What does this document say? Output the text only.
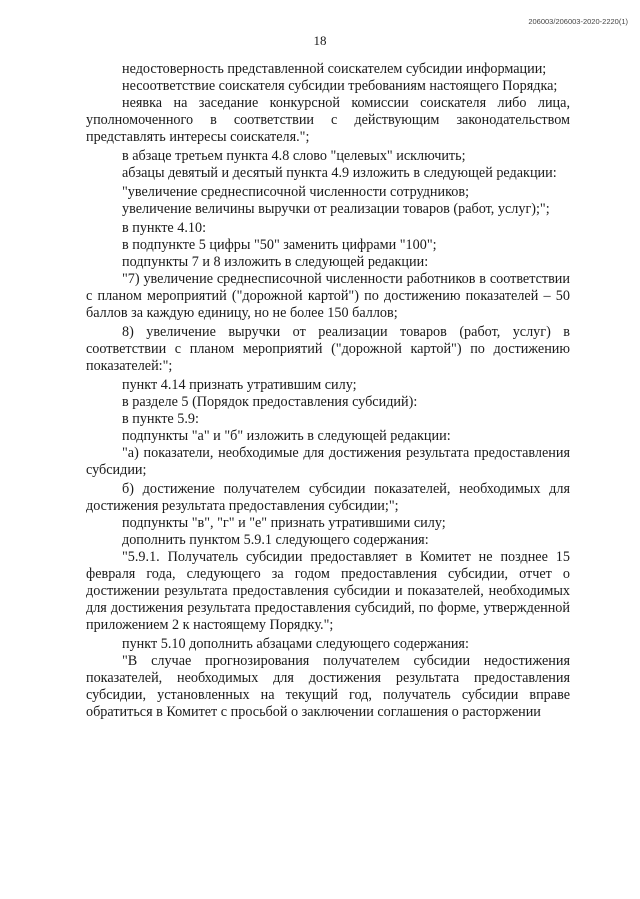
206003/206003-2020-2220(1)
18

недостоверность представленной соискателем субсидии информации;

несоответствие соискателя субсидии требованиям настоящего Порядка;

неявка на заседание конкурсной комиссии соискателя либо лица, уполномоченного в соответствии с действующим законодательством представлять интересы соискателя.";

в абзаце третьем пункта 4.8 слово "целевых" исключить;

абзацы девятый и десятый пункта 4.9 изложить в следующей редакции:

"увеличение среднесписочной численности сотрудников;

увеличение величины выручки от реализации товаров (работ, услуг);";

в пункте 4.10:

в подпункте 5 цифры "50" заменить цифрами "100";

подпункты 7 и 8 изложить в следующей редакции:

"7) увеличение среднесписочной численности работников в соответствии с планом мероприятий ("дорожной картой") по достижению показателей – 50 баллов за каждую единицу, но не более 150 баллов;

8) увеличение выручки от реализации товаров (работ, услуг) в соответствии с планом мероприятий ("дорожной картой") по достижению показателей:";

пункт 4.14 признать утратившим силу;

в разделе 5 (Порядок предоставления субсидий):

в пункте 5.9:

подпункты "а" и "б" изложить в следующей редакции:

"а) показатели, необходимые для достижения результата предоставления субсидии;

б) достижение получателем субсидии показателей, необходимых для достижения результата предоставления субсидии;";

подпункты "в", "г" и "е" признать утратившими силу;

дополнить пунктом 5.9.1 следующего содержания:

"5.9.1. Получатель субсидии предоставляет в Комитет не позднее 15 февраля года, следующего за годом предоставления субсидии, отчет о достижении результата предоставления субсидии и показателей, необходимых для достижения результата предоставления субсидий, по форме, утвержденной приложением 2 к настоящему Порядку.";

пункт 5.10 дополнить абзацами следующего содержания:

"В случае прогнозирования получателем субсидии недостижения показателей, необходимых для достижения результата предоставления субсидии, установленных на текущий год, получатель субсидии вправе обратиться в Комитет с просьбой о заключении соглашения о расторжении
